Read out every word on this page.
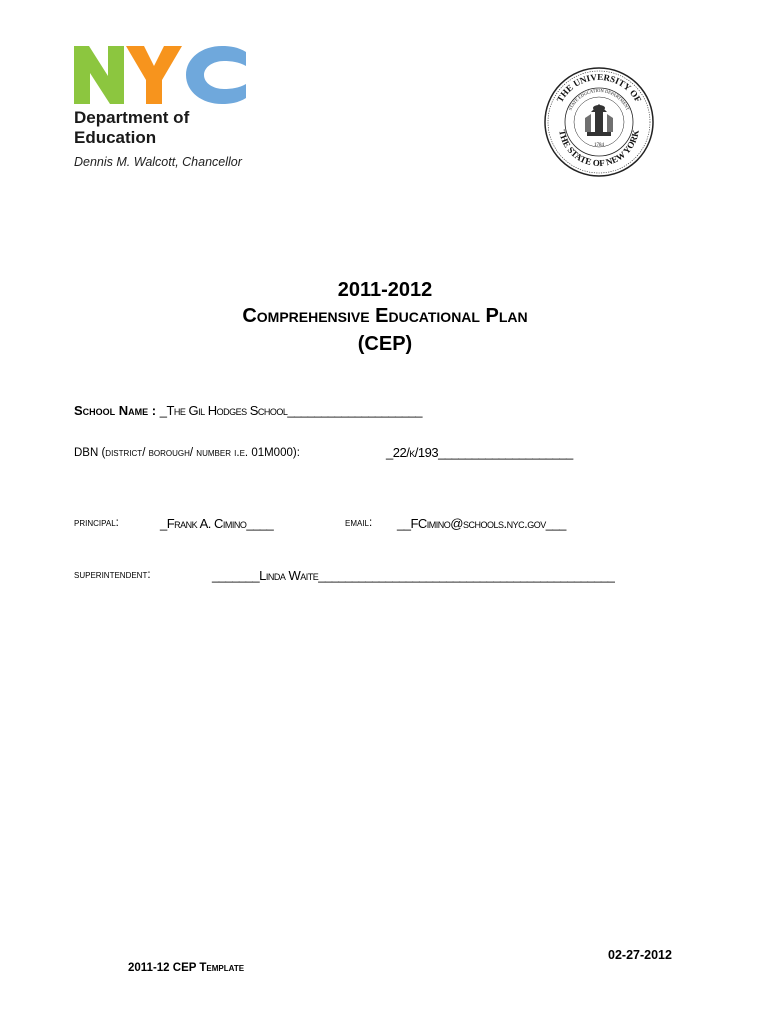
Department of
Education
Dennis M. Walcott, Chancellor
THE UNIVERSITY OF
THE STATE OF NEW YORK
STATE EDUCATION DEPARTMENT
1784
2011-2012
Comprehensive Educational Plan
(CEP)
School Name : _The Gil Hodges School____________________
DBN (district/ borough/ number i.e. 01M000):	_22/k/193____________________
principal:	_Frank A. Cimino____	email: __FCimino@schools.nyc.gov___
superintendent:	_______Linda Waite____________________________________________
02-27-2012
2011-12 CEP Template
